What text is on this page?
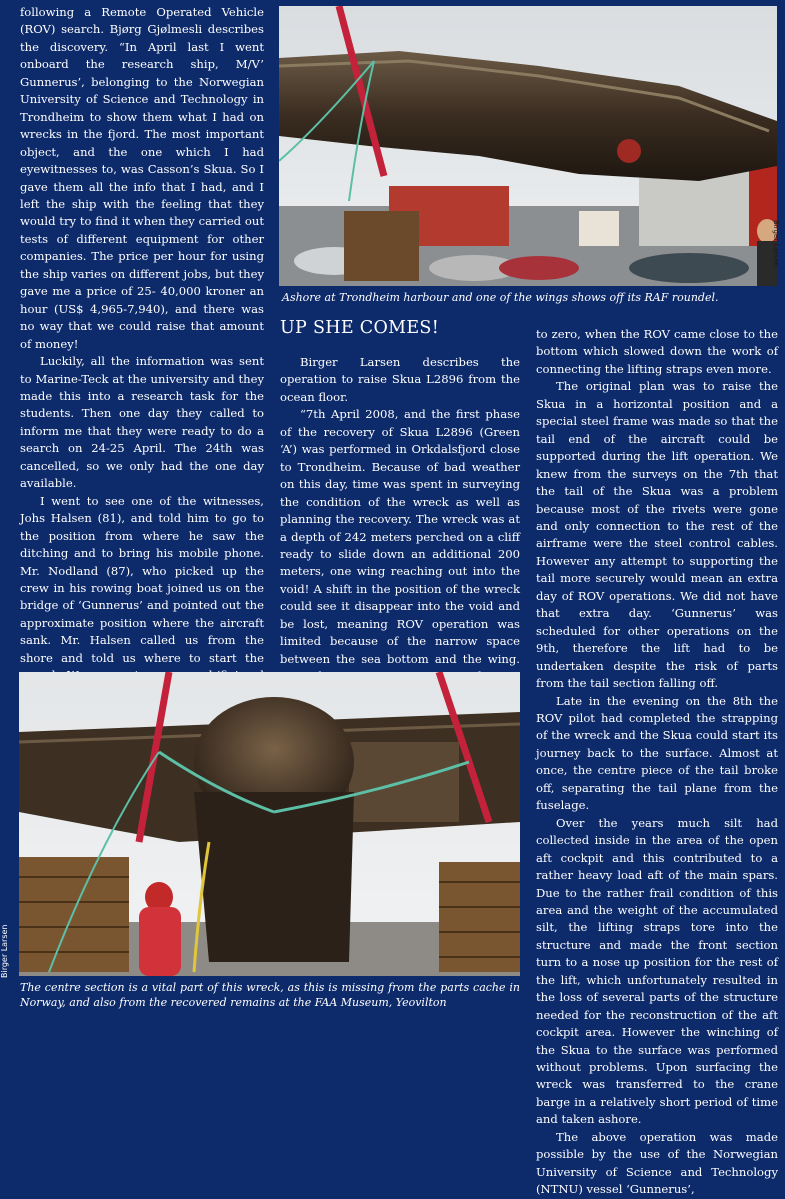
following a Remote Operated Vehicle (ROV) search. Bjørg Gjølmesli describes the discovery. “In April last I went onboard the research ship, M/V’ Gunnerus’, belonging to the Norwegian University of Science and Technology in Trondheim to show them what I had on wrecks in the fjord. The most important object, and the one which I had eyewitnesses to, was Casson’s Skua. So I gave them all the info that I had, and I left the ship with the feeling that they would try to find it when they carried out tests of different equipment for other companies. The price per hour for using the ship varies on different jobs, but they gave me a price of 25- 40,000 kroner an hour (US$ 4,965-7,940), and there was no way that we could raise that amount of money!

Luckily, all the information was sent to Marine-Teck at the university and they made this into a research task for the students. Then one day they called to inform me that they were ready to do a search on 24-25 April. The 24th was cancelled, so we only had the one day available.

I went to see one of the witnesses, Johs Halsen (81), and told him to go to the position from where he saw the ditching and to bring his mobile phone. Mr. Nodland (87), who picked up the crew in his rowing boat joined us on the bridge of ‘Gunnerus’ and pointed out the approximate position where the aircraft sank. Mr. Halsen called us from the shore and told us where to start the

Birger Larsen
Ashore at Trondheim harbour and one of the wings shows off its RAF roundel.
UP SHE COMES!

Birger Larsen describes the operation to raise Skua L2896 from the ocean floor.

“7th April 2008, and the first phase of the recovery of Skua L2896 (Green ‘A’) was performed in Orkdalsfjord close to Trondheim. Because of bad weather on this day, time was spent in surveying the condition of the wreck as well as planning the recovery. The wreck was at a depth of 242 meters perched on a cliff ready to slide down an additional 200 meters, one wing reaching out into the void! A shift in the position of the wreck could see it disappear into the void and be lost, meaning ROV operation was limited because of the narrow space between the sea bottom and the wing.

to zero, when the ROV came close to the bottom which slowed down the work of connecting the lifting straps even more.

The original plan was to raise the Skua in a horizontal position and a special steel frame was made so that the tail end of the aircraft could be supported during the lift operation. We knew from the surveys on the 7th that the tail of the Skua was a problem because most of the rivets were gone and only connection to the rest of the airframe were the steel control cables. However any attempt to supporting the tail more securely would mean an extra day of ROV operations. We did not have that extra day. ‘Gunnerus’ was scheduled for other operations on the 9th, therefore the lift had to be undertaken despite the risk of parts from the tail section falling off.

Late in the evening on the 8th the ROV pilot had completed the strapping of the wreck and the Skua could start its journey back to the surface. Almost at once, the centre piece of the tail broke off, separating the tail plane from the fuselage.

Over the years much silt had collected inside in the area of the open aft cockpit and this contributed to a rather heavy load aft of the main spars. Due to the rather frail condition of this area and the weight of the accumulated silt, the lifting straps tore into the structure and made the front section turn to a nose up position for the rest of the lift, which unfortunately resulted in the loss of several parts of the structure needed for the reconstruction of the aft cockpit area. However the winching of the Skua to the surface was performed without problems. Upon surfacing the wreck was transferred to the crane barge in a relatively short period of time and taken ashore.

The above operation was made possible by the use of the Norwegian University of Science and Technology (NTNU) vessel ‘Gunnerus’,

Birger Larsen
The centre section is a vital part of this wreck, as this is missing from the parts cache in Norway, and also from the recovered remains at the FAA Museum, Yeovilton
